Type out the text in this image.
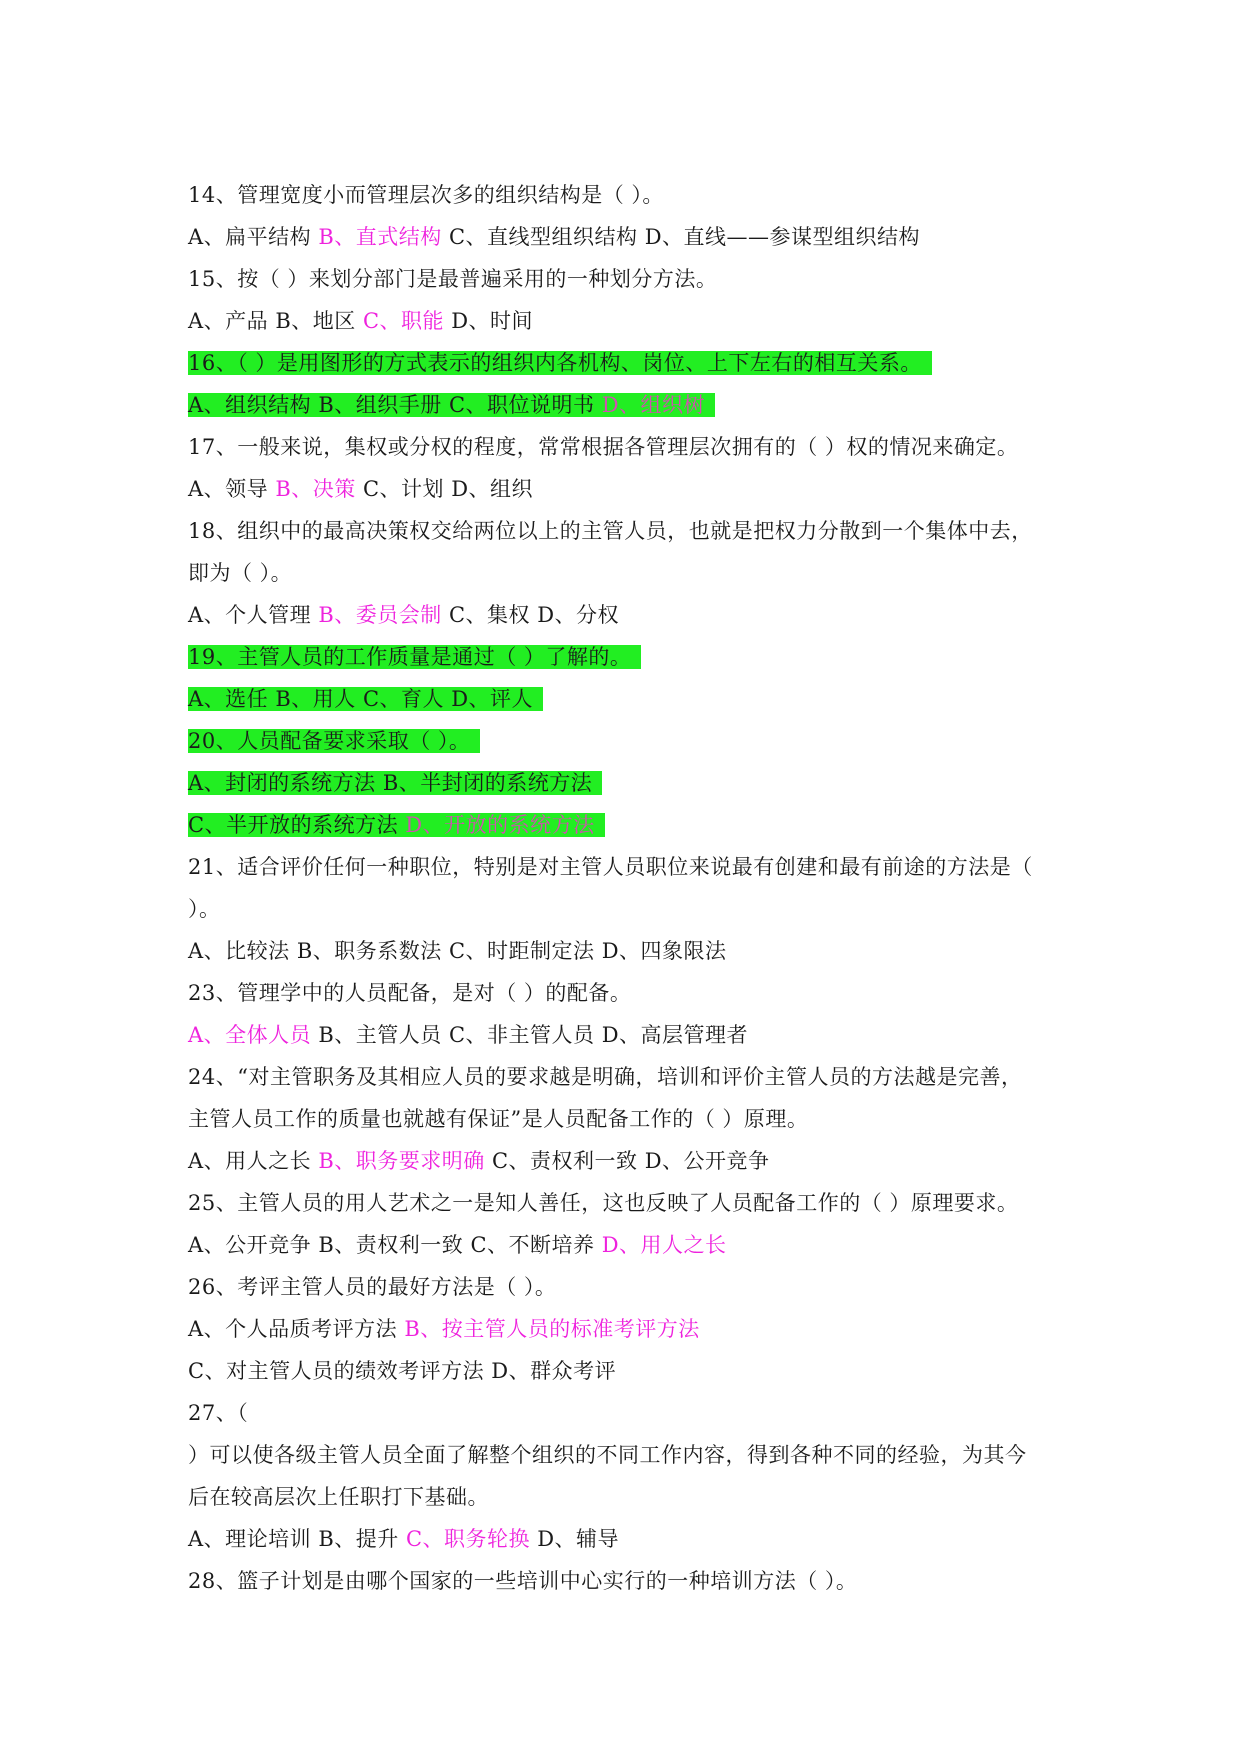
14、管理宽度小而管理层次多的组织结构是（ ）。
A、扁平结构 B、直式结构 C、直线型组织结构 D、直线——参谋型组织结构
15、按（ ）来划分部门是最普遍采用的一种划分方法。
A、产品 B、地区 C、职能 D、时间
16、（ ）是用图形的方式表示的组织内各机构、岗位、上下左右的相互关系。
A、组织结构 B、组织手册 C、职位说明书 D、组织树
17、一般来说，集权或分权的程度，常常根据各管理层次拥有的（ ）权的情况来确定。
A、领导 B、决策 C、计划 D、组织
18、组织中的最高决策权交给两位以上的主管人员，也就是把权力分散到一个集体中去，
即为（ ）。
A、个人管理 B、委员会制 C、集权 D、分权
19、主管人员的工作质量是通过（ ）了解的。
A、选任 B、用人 C、育人 D、评人
20、人员配备要求采取（ ）。
A、封闭的系统方法 B、半封闭的系统方法
C、半开放的系统方法 D、开放的系统方法
21、适合评价任何一种职位，特别是对主管人员职位来说最有创建和最有前途的方法是（
）。
A、比较法 B、职务系数法 C、时距制定法 D、四象限法
23、管理学中的人员配备，是对（ ）的配备。
A、全体人员 B、主管人员 C、非主管人员 D、高层管理者
24、“对主管职务及其相应人员的要求越是明确，培训和评价主管人员的方法越是完善，
主管人员工作的质量也就越有保证”是人员配备工作的（ ）原理。
A、用人之长 B、职务要求明确 C、责权利一致 D、公开竞争
25、主管人员的用人艺术之一是知人善任，这也反映了人员配备工作的（ ）原理要求。
A、公开竞争 B、责权利一致 C、不断培养 D、用人之长
26、考评主管人员的最好方法是（ ）。
A、个人品质考评方法 B、按主管人员的标准考评方法
C、对主管人员的绩效考评方法 D、群众考评
27、（
）可以使各级主管人员全面了解整个组织的不同工作内容，得到各种不同的经验，为其今
后在较高层次上任职打下基础。
A、理论培训 B、提升 C、职务轮换 D、辅导
28、篮子计划是由哪个国家的一些培训中心实行的一种培训方法（ ）。
